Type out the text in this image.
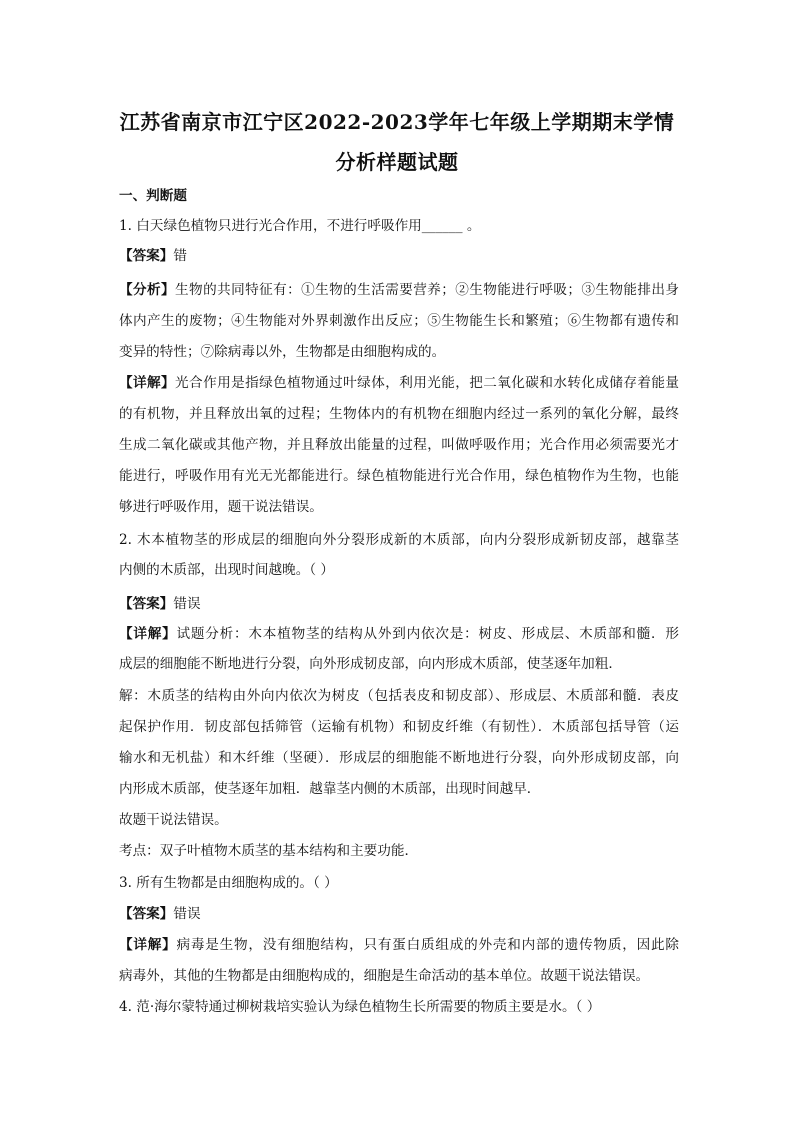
江苏省南京市江宁区2022-2023学年七年级上学期期末学情
分析样题试题
一、判断题
1. 白天绿色植物只进行光合作用，不进行呼吸作用______ 。
【答案】错
【分析】生物的共同特征有：①生物的生活需要营养；②生物能进行呼吸；③生物能排出身
体内产生的废物；④生物能对外界刺激作出反应；⑤生物能生长和繁殖；⑥生物都有遗传和
变异的特性；⑦除病毒以外，生物都是由细胞构成的。
【详解】光合作用是指绿色植物通过叶绿体，利用光能，把二氧化碳和水转化成储存着能量
的有机物，并且释放出氧的过程；生物体内的有机物在细胞内经过一系列的氧化分解，最终
生成二氧化碳或其他产物，并且释放出能量的过程，叫做呼吸作用；光合作用必须需要光才
能进行，呼吸作用有光无光都能进行。绿色植物能进行光合作用，绿色植物作为生物，也能
够进行呼吸作用，题干说法错误。
2. 木本植物茎的形成层的细胞向外分裂形成新的木质部，向内分裂形成新韧皮部，越靠茎
内侧的木质部，出现时间越晚。（ ）
【答案】错误
【详解】试题分析：木本植物茎的结构从外到内依次是：树皮、形成层、木质部和髓．形
成层的细胞能不断地进行分裂，向外形成韧皮部，向内形成木质部，使茎逐年加粗．
解：木质茎的结构由外向内依次为树皮（包括表皮和韧皮部）、形成层、木质部和髓．表皮
起保护作用．韧皮部包括筛管（运输有机物）和韧皮纤维（有韧性）．木质部包括导管（运
输水和无机盐）和木纤维（坚硬）．形成层的细胞能不断地进行分裂，向外形成韧皮部，向
内形成木质部，使茎逐年加粗．越靠茎内侧的木质部，出现时间越早．
故题干说法错误。
考点：双子叶植物木质茎的基本结构和主要功能．
3. 所有生物都是由细胞构成的。（ ）
【答案】错误
【详解】病毒是生物，没有细胞结构，只有蛋白质组成的外壳和内部的遗传物质，因此除
病毒外，其他的生物都是由细胞构成的，细胞是生命活动的基本单位。故题干说法错误。
4. 范·海尔蒙特通过柳树栽培实验认为绿色植物生长所需要的物质主要是水。（ ）
